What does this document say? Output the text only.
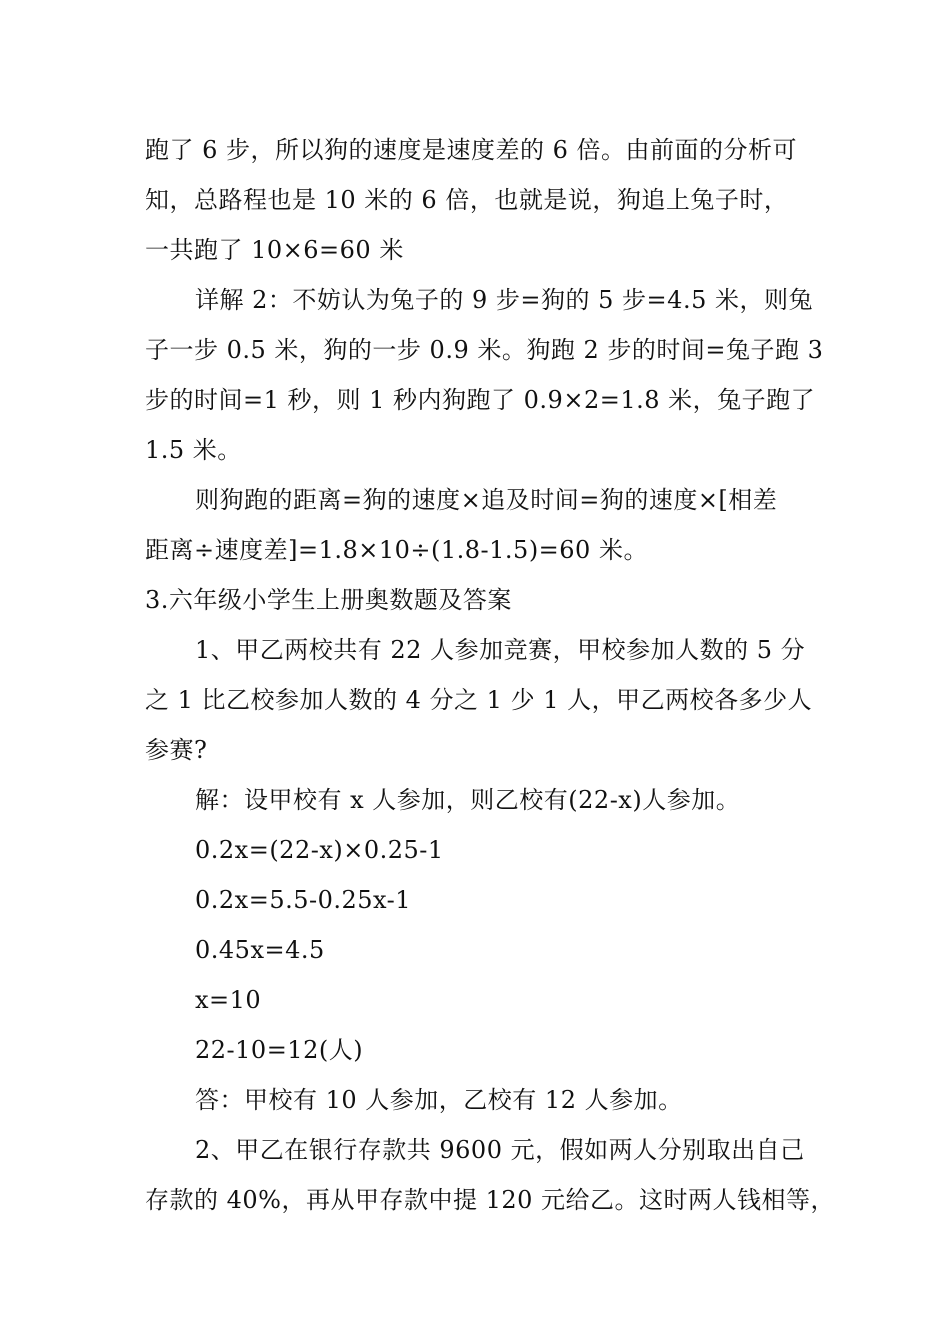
跑了 6 步，所以狗的速度是速度差的 6 倍。由前面的分析可
知，总路程也是 10 米的 6 倍，也就是说，狗追上兔子时，
一共跑了 10×6=60 米
详解 2：不妨认为兔子的 9 步=狗的 5 步=4.5 米，则兔
子一步 0.5 米，狗的一步 0.9 米。狗跑 2 步的时间=兔子跑 3
步的时间=1 秒，则 1 秒内狗跑了 0.9×2=1.8 米，兔子跑了
1.5 米。
则狗跑的距离=狗的速度×追及时间=狗的速度×[相差
距离÷速度差]=1.8×10÷(1.8-1.5)=60 米。
3.六年级小学生上册奥数题及答案
1、甲乙两校共有 22 人参加竞赛，甲校参加人数的 5 分
之 1 比乙校参加人数的 4 分之 1 少 1 人，甲乙两校各多少人
参赛?
解：设甲校有 x 人参加，则乙校有(22-x)人参加。
0.2x=(22-x)×0.25-1
0.2x=5.5-0.25x-1
0.45x=4.5
x=10
22-10=12(人)
答：甲校有 10 人参加，乙校有 12 人参加。
2、甲乙在银行存款共 9600 元，假如两人分别取出自己
存款的 40%，再从甲存款中提 120 元给乙。这时两人钱相等，
